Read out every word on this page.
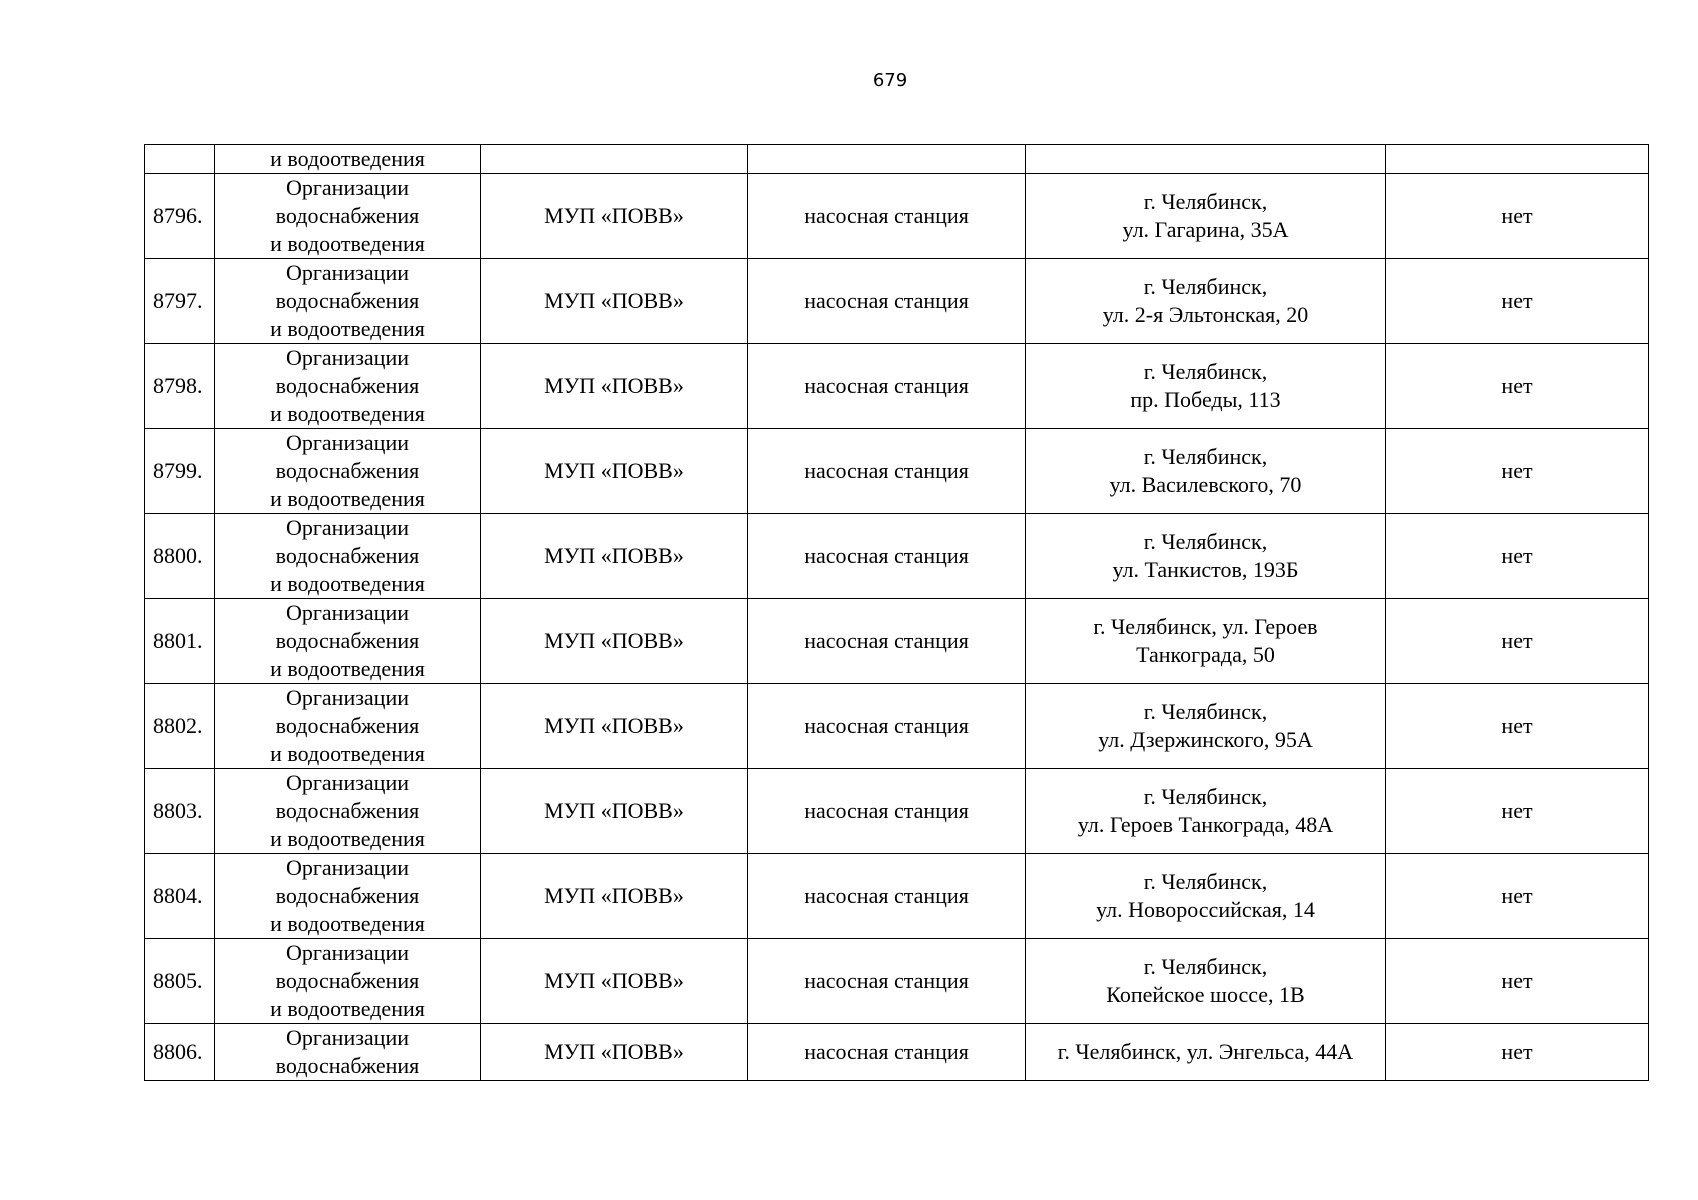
679

	и водоотведения				

8796.	Организации
водоснабжения
и водоотведения	МУП «ПОВВ»	насосная станция	г. Челябинск,
ул. Гагарина, 35А	нет
8797.	Организации
водоснабжения
и водоотведения	МУП «ПОВВ»	насосная станция	г. Челябинск,
ул. 2-я Эльтонская, 20	нет
8798.	Организации
водоснабжения
и водоотведения	МУП «ПОВВ»	насосная станция	г. Челябинск,
пр. Победы, 113	нет
8799.	Организации
водоснабжения
и водоотведения	МУП «ПОВВ»	насосная станция	г. Челябинск,
ул. Василевского, 70	нет
8800.	Организации
водоснабжения
и водоотведения	МУП «ПОВВ»	насосная станция	г. Челябинск,
ул. Танкистов, 193Б	нет
8801.	Организации
водоснабжения
и водоотведения	МУП «ПОВВ»	насосная станция	г. Челябинск, ул. Героев
Танкограда, 50	нет
8802.	Организации
водоснабжения
и водоотведения	МУП «ПОВВ»	насосная станция	г. Челябинск,
ул. Дзержинского, 95А	нет
8803.	Организации
водоснабжения
и водоотведения	МУП «ПОВВ»	насосная станция	г. Челябинск,
ул. Героев Танкограда, 48А	нет
8804.	Организации
водоснабжения
и водоотведения	МУП «ПОВВ»	насосная станция	г. Челябинск,
ул. Новороссийская, 14	нет
8805.	Организации
водоснабжения
и водоотведения	МУП «ПОВВ»	насосная станция	г. Челябинск,
Копейское шоссе, 1В	нет
8806.	Организации
водоснабжения	МУП «ПОВВ»	насосная станция	г. Челябинск, ул. Энгельса, 44А	нет
